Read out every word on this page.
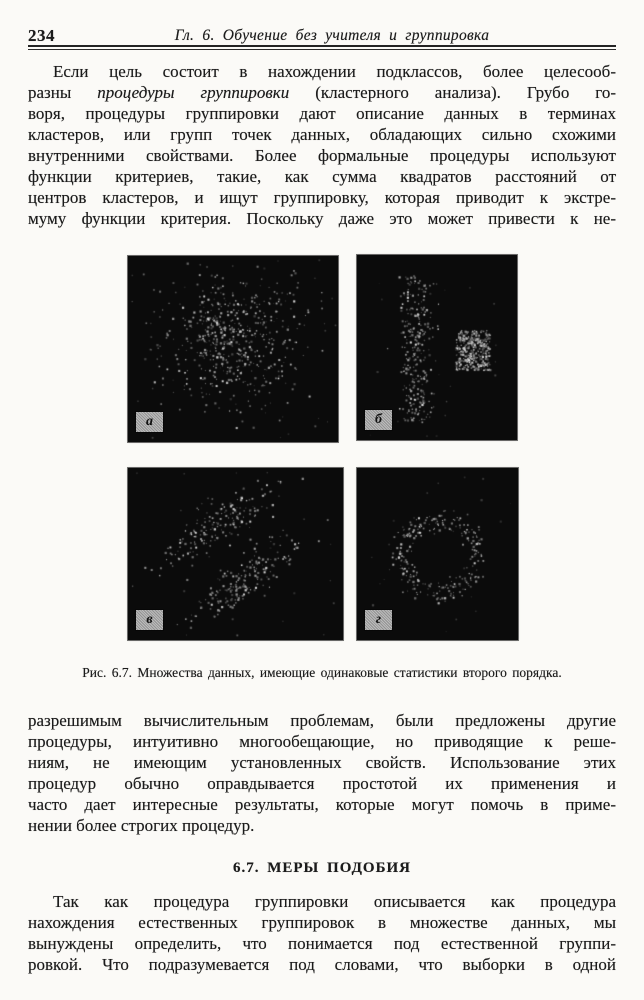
234	Гл. 6. Обучение без учителя и группировка
Если цель состоит в нахождении подклассов, более целесооб-
разны процедуры группировки (кластерного анализа). Грубо го-
воря, процедуры группировки дают описание данных в терминах
кластеров, или групп точек данных, обладающих сильно схожими
внутренними свойствами. Более формальные процедуры используют
функции критериев, такие, как сумма квадратов расстояний от
центров кластеров, и ищут группировку, которая приводит к экстре-
муму функции критерия. Поскольку даже это может привести к не-
а	б
в	г
Рис. 6.7. Множества данных, имеющие одинаковые статистики второго порядка.
разрешимым вычислительным проблемам, были предложены другие
процедуры, интуитивно многообещающие, но приводящие к реше-
ниям, не имеющим установленных свойств. Использование этих
процедур обычно оправдывается простотой их применения и
часто дает интересные результаты, которые могут помочь в приме-
нении более строгих процедур.
6.7. МЕРЫ ПОДОБИЯ
Так как процедура группировки описывается как процедура
нахождения естественных группировок в множестве данных, мы
вынуждены определить, что понимается под естественной группи-
ровкой. Что подразумевается под словами, что выборки в одной
